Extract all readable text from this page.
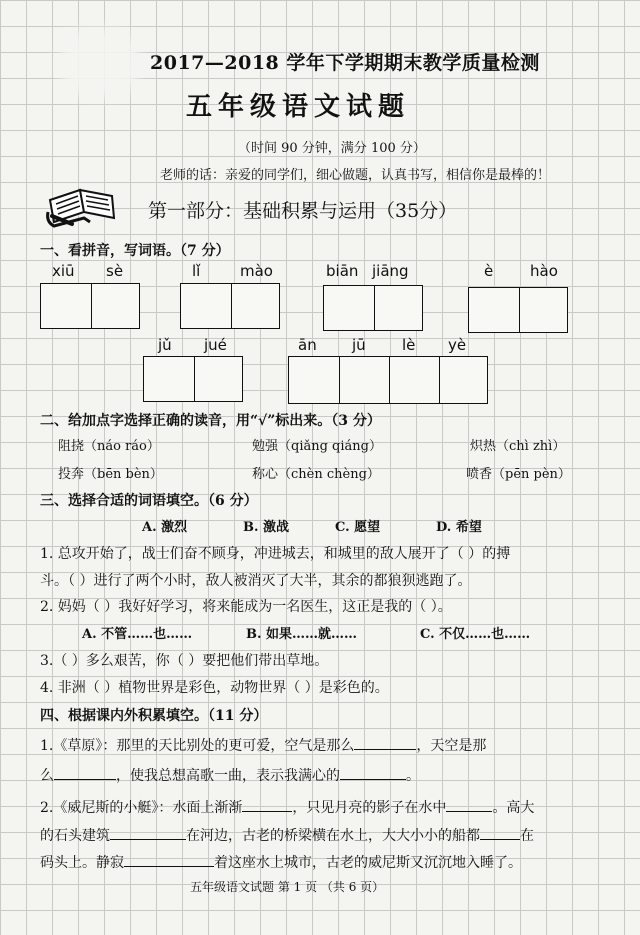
2017—2018 学年下学期期末教学质量检测
五年级语文试题
（时间 90 分钟，满分 100 分）
老师的话：亲爱的同学们，细心做题，认真书写，相信你是最棒的！
第一部分：基础积累与运用（35分）
一、看拼音，写词语。（7 分）
xiū sè	lǐ	mào	biān jiāng	è hào
jǔ jué	ān jū lè yè
二、给加点字选择正确的读音，用“√”标出来。（3 分）
阻挠（náo ráo）	勉强（qiǎng qiáng）	炽热（chì zhì）
投奔（bēn bèn）	称心（chèn chèng）	喷香（pēn pèn）
三、选择合适的词语填空。（6 分）
A. 激烈	B. 激战	C. 愿望	D. 希望
1. 总攻开始了，战士们奋不顾身，冲进城去，和城里的敌人展开了（ ）的搏
斗。（ ）进行了两个小时，敌人被消灭了大半，其余的都狼狈逃跑了。
2. 妈妈（ ）我好好学习，将来能成为一名医生，这正是我的（ ）。
A. 不管……也……	B. 如果……就……	C. 不仅……也……
3.（ ）多么艰苦，你（ ）要把他们带出草地。
4. 非洲（ ）植物世界是彩色，动物世界（ ）是彩色的。
四、根据课内外积累填空。（11 分）
1.《草原》：那里的天比别处的更可爱，空气是那么	，天空是那
么	，使我总想高歌一曲，表示我满心的	。
2.《威尼斯的小艇》：水面上渐渐	，只见月亮的影子在水中	。高大
的石头建筑	在河边，古老的桥梁横在水上，大大小小的船都	在
码头上。静寂	着这座水上城市，古老的威尼斯又沉沉地入睡了。
五年级语文试题 第 1 页 （共 6 页）
